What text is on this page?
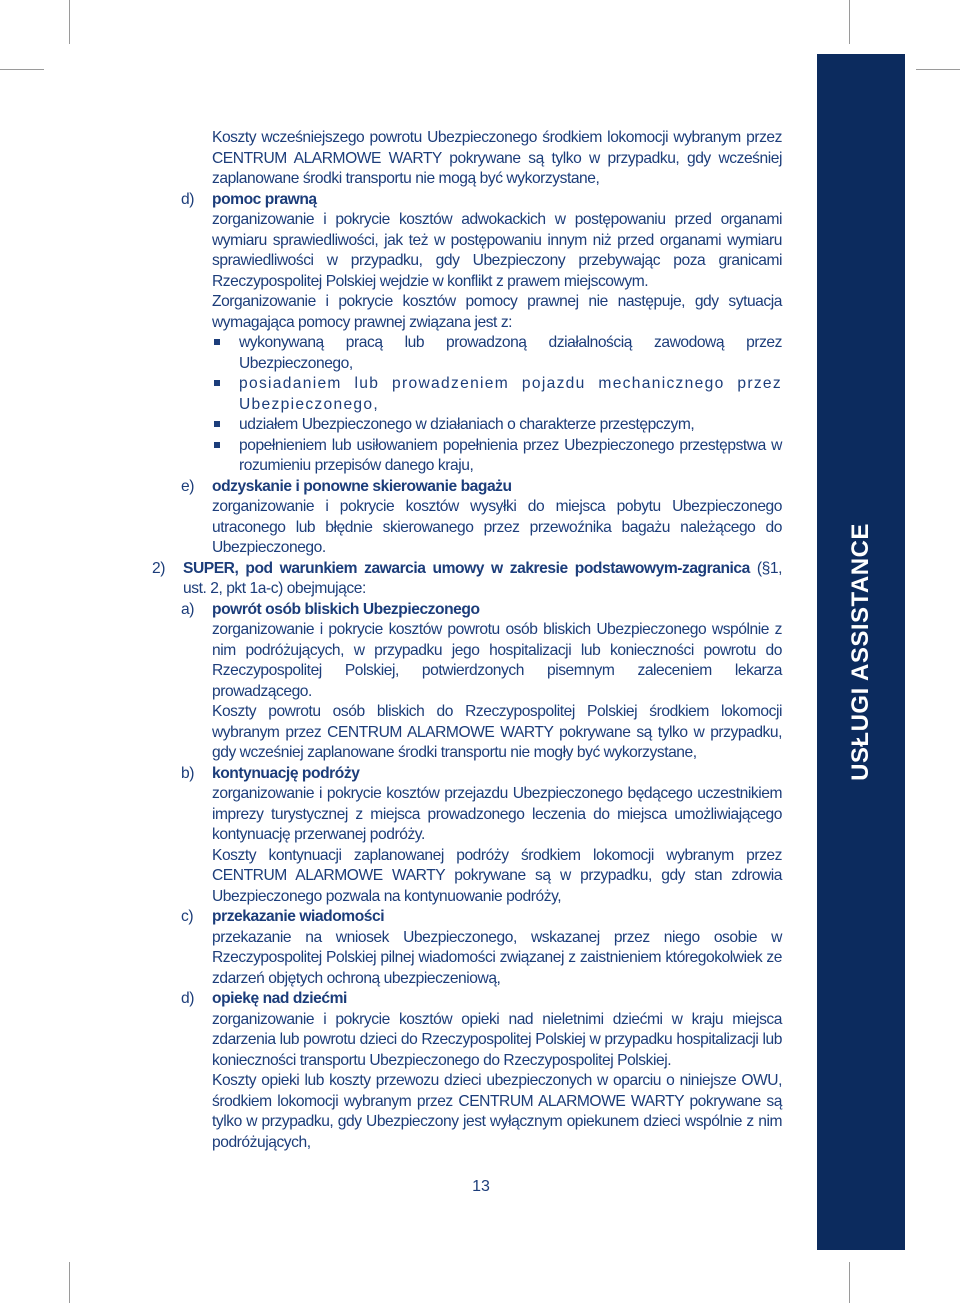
USŁUGI ASSISTANCE

Koszty wcześniejszego powrotu Ubezpieczonego środkiem lokomocji wybranym przez CENTRUM ALARMOWE WARTY pokrywane są tylko w przypadku, gdy wcześniej zaplanowane środki transportu nie mogą być wykorzystane,

d) pomoc prawną

zorganizowanie i pokrycie kosztów adwokackich w postępowaniu przed organami wymiaru sprawiedliwości, jak też w postępowaniu innym niż przed organami wymiaru sprawiedliwości w przypadku, gdy Ubezpieczony przebywając poza granicami Rzeczypospolitej Polskiej wejdzie w konflikt z prawem miejscowym.

Zorganizowanie i pokrycie kosztów pomocy prawnej nie następuje, gdy sytuacja wymagająca pomocy prawnej związana jest z:

wykonywaną pracą lub prowadzoną działalnością zawodową przez Ubezpieczonego,

posiadaniem lub prowadzeniem pojazdu mechanicznego przez Ubezpieczonego,

udziałem Ubezpieczonego w działaniach o charakterze przestępczym,

popełnieniem lub usiłowaniem popełnienia przez Ubezpieczonego przestępstwa w rozumieniu przepisów danego kraju,

e) odzyskanie i ponowne skierowanie bagażu

zorganizowanie i pokrycie kosztów wysyłki do miejsca pobytu Ubezpieczonego utraconego lub błędnie skierowanego przez przewoźnika bagażu należącego do Ubezpieczonego.

2) SUPER, pod warunkiem zawarcia umowy w zakresie podstawowym-zagranica (§1, ust. 2, pkt 1a-c) obejmujące:

a) powrót osób bliskich Ubezpieczonego

zorganizowanie i pokrycie kosztów powrotu osób bliskich Ubezpieczonego wspólnie z nim podróżujących, w przypadku jego hospitalizacji lub konieczności powrotu do Rzeczypospolitej Polskiej, potwierdzonych pisemnym zaleceniem lekarza prowadzącego.

Koszty powrotu osób bliskich do Rzeczypospolitej Polskiej środkiem lokomocji wybranym przez CENTRUM ALARMOWE WARTY pokrywane są tylko w przypadku, gdy wcześniej zaplanowane środki transportu nie mogły być wykorzystane,

b) kontynuację podróży

zorganizowanie i pokrycie kosztów przejazdu Ubezpieczonego będącego uczestnikiem imprezy turystycznej z miejsca prowadzonego leczenia do miejsca umożliwiającego kontynuację przerwanej podróży.

Koszty kontynuacji zaplanowanej podróży środkiem lokomocji wybranym przez CENTRUM ALARMOWE WARTY pokrywane są w przypadku, gdy stan zdrowia Ubezpieczonego pozwala na kontynuowanie podróży,

c) przekazanie wiadomości

przekazanie na wniosek Ubezpieczonego, wskazanej przez niego osobie w Rzeczypospolitej Polskiej pilnej wiadomości związanej z zaistnieniem któregokolwiek ze zdarzeń objętych ochroną ubezpieczeniową,

d) opiekę nad dziećmi

zorganizowanie i pokrycie kosztów opieki nad nieletnimi dziećmi w kraju miejsca zdarzenia lub powrotu dzieci do Rzeczypospolitej Polskiej w przypadku hospitalizacji lub konieczności transportu Ubezpieczonego do Rzeczypospolitej Polskiej.

Koszty opieki lub koszty przewozu dzieci ubezpieczonych w oparciu o niniejsze OWU, środkiem lokomocji wybranym przez CENTRUM ALARMOWE WARTY pokrywane są tylko w przypadku, gdy Ubezpieczony jest wyłącznym opiekunem dzieci wspólnie z nim podróżujących,

13
